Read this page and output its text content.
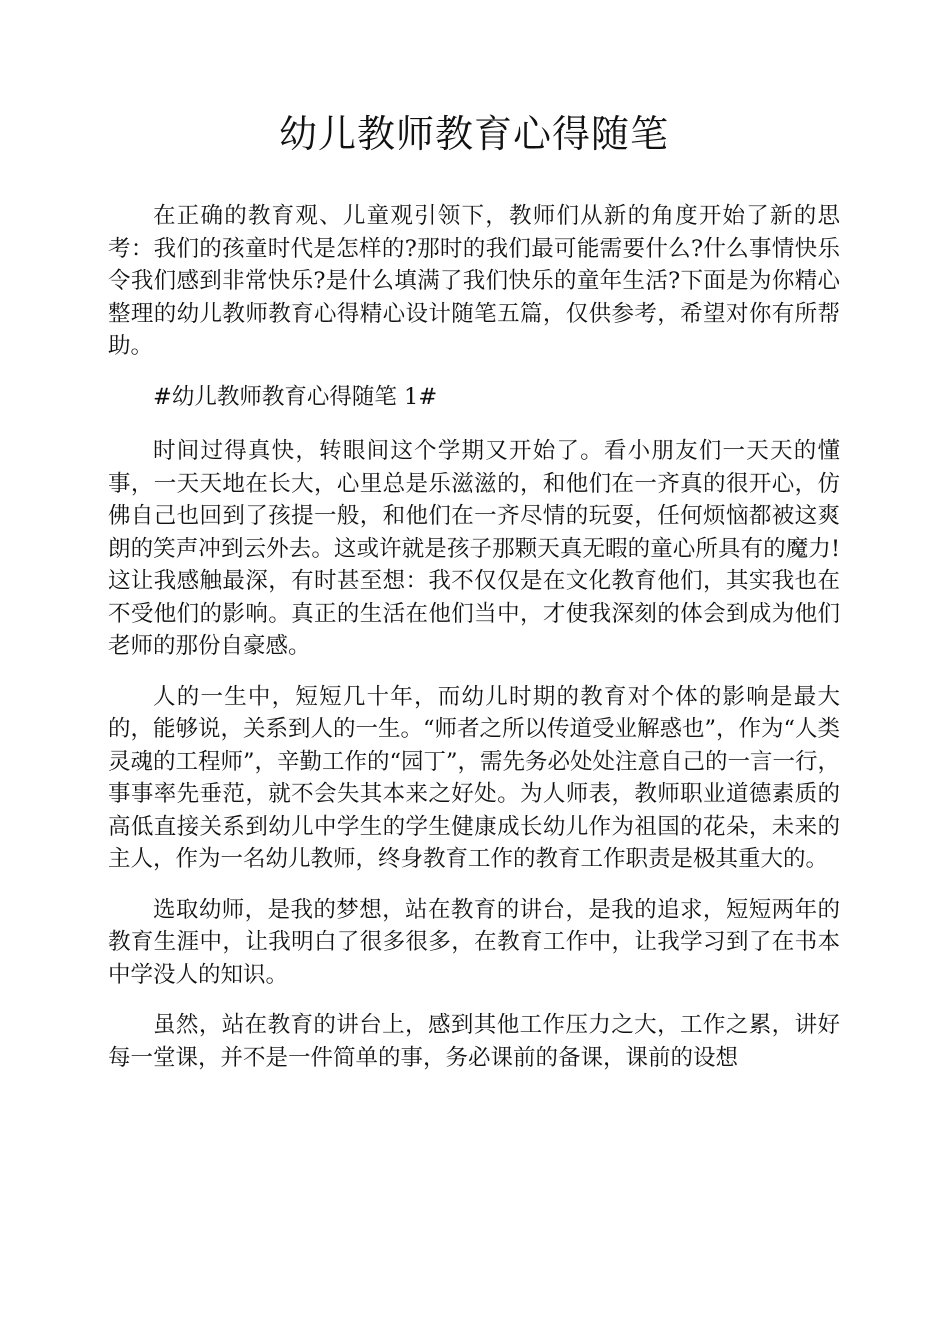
幼儿教师教育心得随笔

在正确的教育观、儿童观引领下，教师们从新的角度开始了新的思考：我们的孩童时代是怎样的?那时的我们最可能需要什么?什么事情快乐令我们感到非常快乐?是什么填满了我们快乐的童年生活?下面是为你精心整理的幼儿教师教育心得精心设计随笔五篇，仅供参考，希望对你有所帮助。

#幼儿教师教育心得随笔 1#

时间过得真快，转眼间这个学期又开始了。看小朋友们一天天的懂事，一天天地在长大，心里总是乐滋滋的，和他们在一齐真的很开心，仿佛自己也回到了孩提一般，和他们在一齐尽情的玩耍，任何烦恼都被这爽朗的笑声冲到云外去。这或许就是孩子那颗天真无暇的童心所具有的魔力!这让我感触最深，有时甚至想：我不仅仅是在文化教育他们，其实我也在不受他们的影响。真正的生活在他们当中，才使我深刻的体会到成为他们老师的那份自豪感。

人的一生中，短短几十年，而幼儿时期的教育对个体的影响是最大的，能够说，关系到人的一生。“师者之所以传道受业解惑也”，作为“人类灵魂的工程师”，辛勤工作的“园丁”，需先务必处处注意自己的一言一行，事事率先垂范，就不会失其本来之好处。为人师表，教师职业道德素质的高低直接关系到幼儿中学生的学生健康成长幼儿作为祖国的花朵，未来的主人，作为一名幼儿教师，终身教育工作的教育工作职责是极其重大的。

选取幼师，是我的梦想，站在教育的讲台，是我的追求，短短两年的教育生涯中，让我明白了很多很多，在教育工作中，让我学习到了在书本中学没人的知识。

虽然，站在教育的讲台上，感到其他工作压力之大，工作之累，讲好每一堂课，并不是一件简单的事，务必课前的备课，课前的设想
